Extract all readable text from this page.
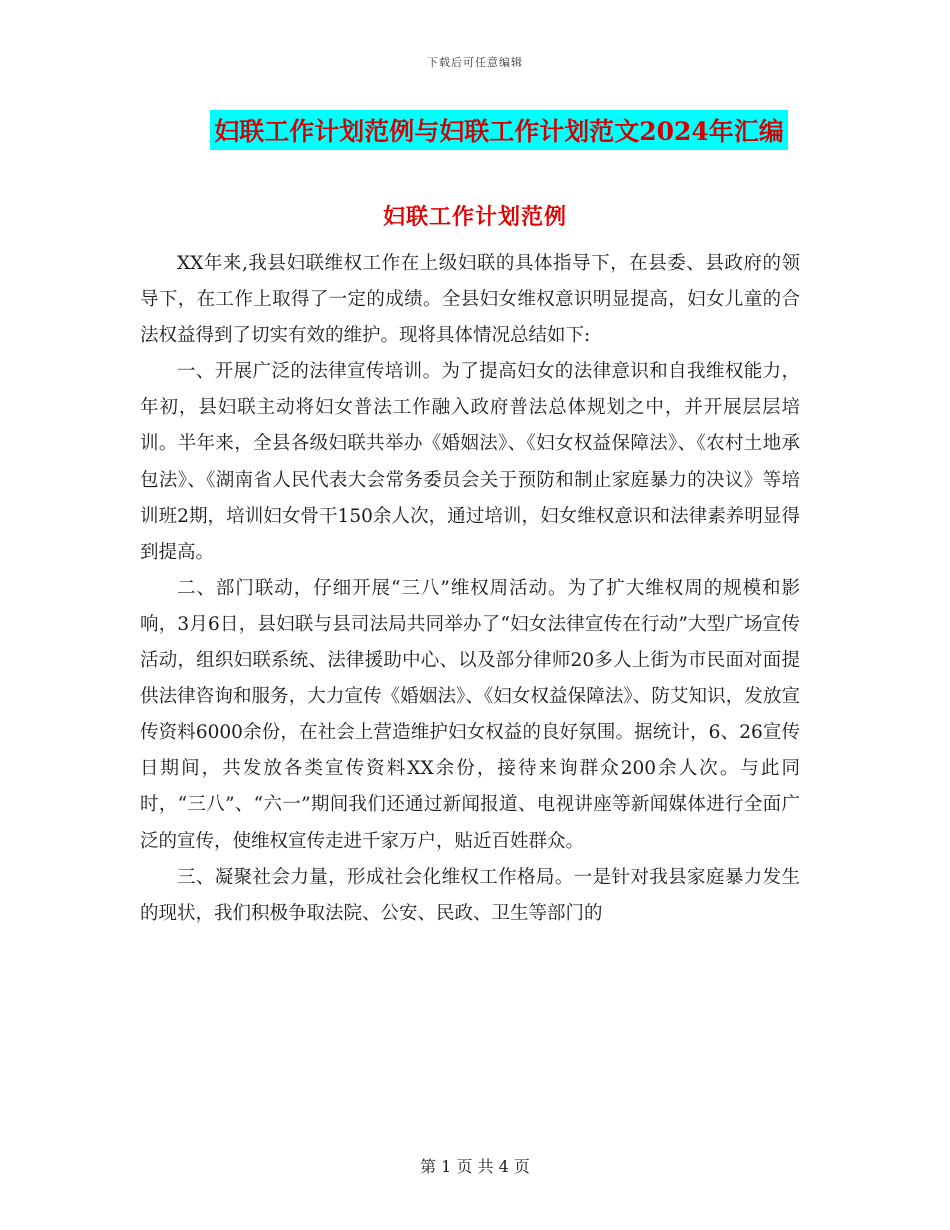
下载后可任意编辑
妇联工作计划范例与妇联工作计划范文2024年汇编
妇联工作计划范例

XX年来,我县妇联维权工作在上级妇联的具体指导下，在县委、县政府的领导下，在工作上取得了一定的成绩。全县妇女维权意识明显提高，妇女儿童的合法权益得到了切实有效的维护。现将具体情况总结如下:

一、开展广泛的法律宣传培训。为了提高妇女的法律意识和自我维权能力，年初，县妇联主动将妇女普法工作融入政府普法总体规划之中，并开展层层培训。半年来，全县各级妇联共举办《婚姻法》、《妇女权益保障法》、《农村土地承包法》、《湖南省人民代表大会常务委员会关于预防和制止家庭暴力的决议》等培训班2期，培训妇女骨干150余人次，通过培训，妇女维权意识和法律素养明显得到提高。

二、部门联动，仔细开展“三八”维权周活动。为了扩大维权周的规模和影响，3月6日，县妇联与县司法局共同举办了“妇女法律宣传在行动”大型广场宣传活动，组织妇联系统、法律援助中心、以及部分律师20多人上街为市民面对面提供法律咨询和服务，大力宣传《婚姻法》、《妇女权益保障法》、防艾知识，发放宣传资料6000余份，在社会上营造维护妇女权益的良好氛围。据统计，6、26宣传日期间，共发放各类宣传资料XX余份，接待来询群众200余人次。与此同时，“三八”、“六一”期间我们还通过新闻报道、电视讲座等新闻媒体进行全面广泛的宣传，使维权宣传走进千家万户，贴近百姓群众。

三、凝聚社会力量，形成社会化维权工作格局。一是针对我县家庭暴力发生的现状，我们积极争取法院、公安、民政、卫生等部门的

第 1 页 共 4 页
